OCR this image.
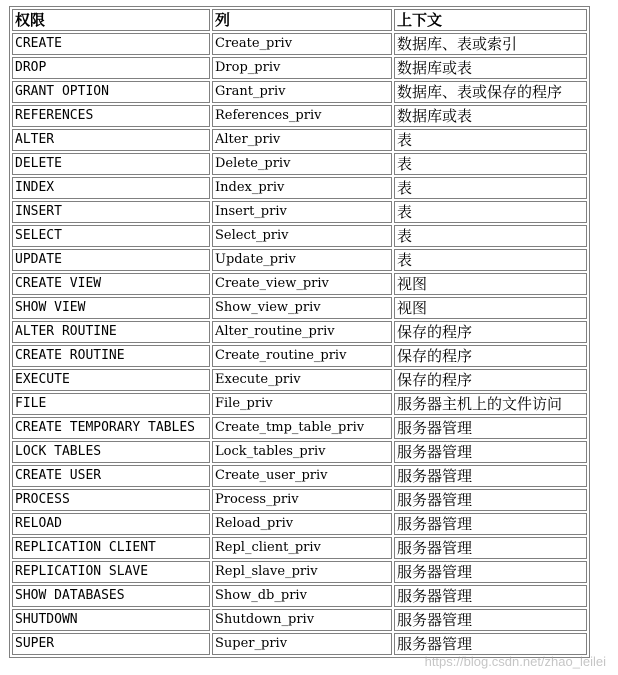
权限	列	上下文
CREATE	Create_priv	数据库、表或索引
DROP	Drop_priv	数据库或表
GRANT OPTION	Grant_priv	数据库、表或保存的程序
REFERENCES	References_priv	数据库或表
ALTER	Alter_priv	表
DELETE	Delete_priv	表
INDEX	Index_priv	表
INSERT	Insert_priv	表
SELECT	Select_priv	表
UPDATE	Update_priv	表
CREATE VIEW	Create_view_priv	视图
SHOW VIEW	Show_view_priv	视图
ALTER ROUTINE	Alter_routine_priv	保存的程序
CREATE ROUTINE	Create_routine_priv	保存的程序
EXECUTE	Execute_priv	保存的程序
FILE	File_priv	服务器主机上的文件访问
CREATE TEMPORARY TABLES	Create_tmp_table_priv	服务器管理
LOCK TABLES	Lock_tables_priv	服务器管理
CREATE USER	Create_user_priv	服务器管理
PROCESS	Process_priv	服务器管理
RELOAD	Reload_priv	服务器管理
REPLICATION CLIENT	Repl_client_priv	服务器管理
REPLICATION SLAVE	Repl_slave_priv	服务器管理
SHOW DATABASES	Show_db_priv	服务器管理
SHUTDOWN	Shutdown_priv	服务器管理
SUPER	Super_priv	服务器管理
https://blog.csdn.net/zhao_leilei
